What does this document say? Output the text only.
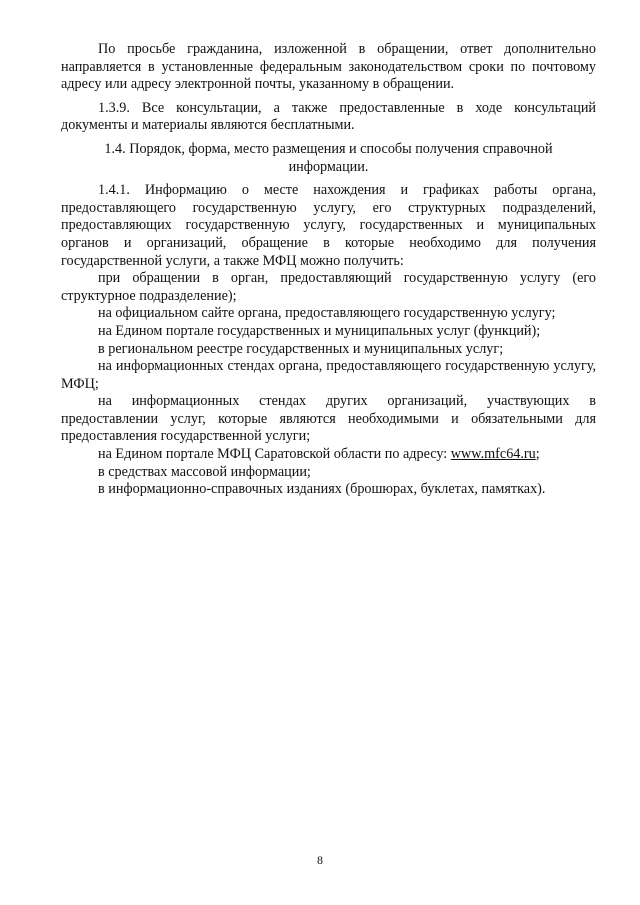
По просьбе гражданина, изложенной в обращении, ответ дополнительно направляется в установленные федеральным законодательством сроки по почтовому адресу или адресу электронной почты, указанному в обращении.

1.3.9. Все консультации, а также предоставленные в ходе консультаций документы и материалы являются бесплатными.

1.4. Порядок, форма, место размещения и способы получения справочной информации.

1.4.1. Информацию о месте нахождения и графиках работы органа, предоставляющего государственную услугу, его структурных подразделений, предоставляющих государственную услугу, государственных и муниципальных органов и организаций, обращение в которые необходимо для получения государственной услуги, а также МФЦ можно получить:

при обращении в орган, предоставляющий государственную услугу (его структурное подразделение);

на официальном сайте органа, предоставляющего государственную услугу;

на Едином портале государственных и муниципальных услуг (функций);

в региональном реестре государственных и муниципальных услуг;

на информационных стендах органа, предоставляющего государственную услугу, МФЦ;

на информационных стендах других организаций, участвующих в предоставлении услуг, которые являются необходимыми и обязательными для предоставления государственной услуги;

на Едином портале МФЦ Саратовской области по адресу: www.mfc64.ru;

в средствах массовой информации;

в информационно-справочных изданиях (брошюрах, буклетах, памятках).

8
